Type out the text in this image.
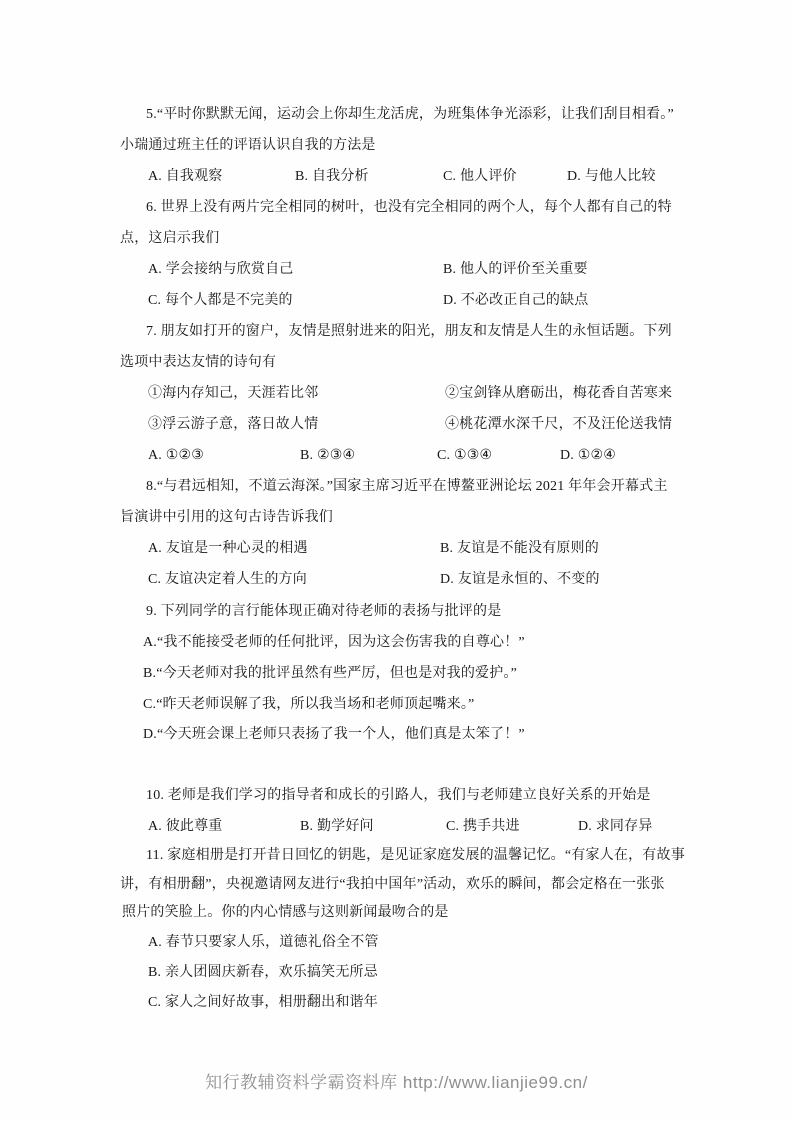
5.“平时你默默无闻，运动会上你却生龙活虎，为班集体争光添彩，让我们刮目相看。”
小瑞通过班主任的评语认识自我的方法是
A. 自我观察	B. 自我分析	C. 他人评价	D. 与他人比较
6. 世界上没有两片完全相同的树叶，也没有完全相同的两个人，每个人都有自己的特
点，这启示我们
A. 学会接纳与欣赏自己	B. 他人的评价至关重要
C. 每个人都是不完美的	D. 不必改正自己的缺点
7. 朋友如打开的窗户，友情是照射进来的阳光，朋友和友情是人生的永恒话题。下列
选项中表达友情的诗句有
①海内存知己，天涯若比邻	②宝剑锋从磨砺出，梅花香自苦寒来
③浮云游子意，落日故人情	④桃花潭水深千尺，不及汪伦送我情
A. ①②③	B. ②③④	C. ①③④	D. ①②④
8.“与君远相知，不道云海深。”国家主席习近平在博鳌亚洲论坛 2021 年年会开幕式主
旨演讲中引用的这句古诗告诉我们
A. 友谊是一种心灵的相遇	B. 友谊是不能没有原则的
C. 友谊决定着人生的方向	D. 友谊是永恒的、不变的
9. 下列同学的言行能体现正确对待老师的表扬与批评的是
A.“我不能接受老师的任何批评，因为这会伤害我的自尊心！”
B.“今天老师对我的批评虽然有些严厉，但也是对我的爱护。”
C.“昨天老师误解了我，所以我当场和老师顶起嘴来。”
D.“今天班会课上老师只表扬了我一个人，他们真是太笨了！”
10. 老师是我们学习的指导者和成长的引路人，我们与老师建立良好关系的开始是
A. 彼此尊重	B. 勤学好问	C. 携手共进	D. 求同存异
11. 家庭相册是打开昔日回忆的钥匙，是见证家庭发展的温馨记忆。“有家人在，有故事
讲，有相册翻”，央视邀请网友进行“我拍中国年”活动，欢乐的瞬间，都会定格在一张张
照片的笑脸上。你的内心情感与这则新闻最吻合的是
A. 春节只要家人乐，道德礼俗全不管
B. 亲人团圆庆新春，欢乐搞笑无所忌
C. 家人之间好故事，相册翻出和谐年
知行教辅资料学霸资料库 http://www.lianjie99.cn/
